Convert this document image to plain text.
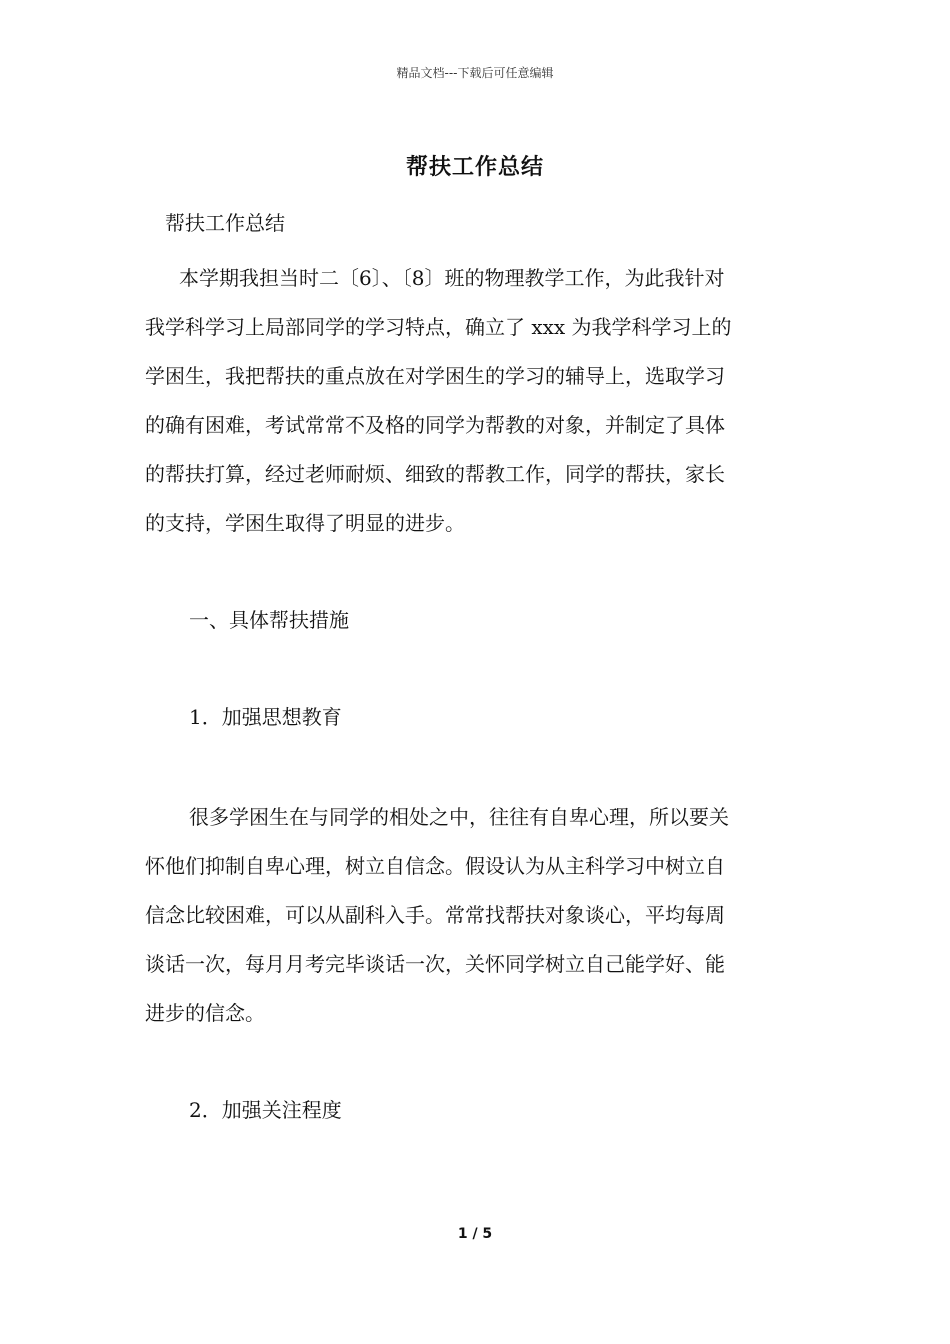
精品文档---下载后可任意编辑
帮扶工作总结
帮扶工作总结
本学期我担当时二〔6〕、〔8〕班的物理教学工作，为此我针对
我学科学习上局部同学的学习特点，确立了 xxx 为我学科学习上的
学困生，我把帮扶的重点放在对学困生的学习的辅导上，选取学习
的确有困难，考试常常不及格的同学为帮教的对象，并制定了具体
的帮扶打算，经过老师耐烦、细致的帮教工作，同学的帮扶，家长
的支持，学困生取得了明显的进步。
一、具体帮扶措施
1．加强思想教育
很多学困生在与同学的相处之中，往往有自卑心理，所以要关
怀他们抑制自卑心理，树立自信念。假设认为从主科学习中树立自
信念比较困难，可以从副科入手。常常找帮扶对象谈心，平均每周
谈话一次，每月月考完毕谈话一次，关怀同学树立自己能学好、能
进步的信念。
2．加强关注程度
1 / 5
